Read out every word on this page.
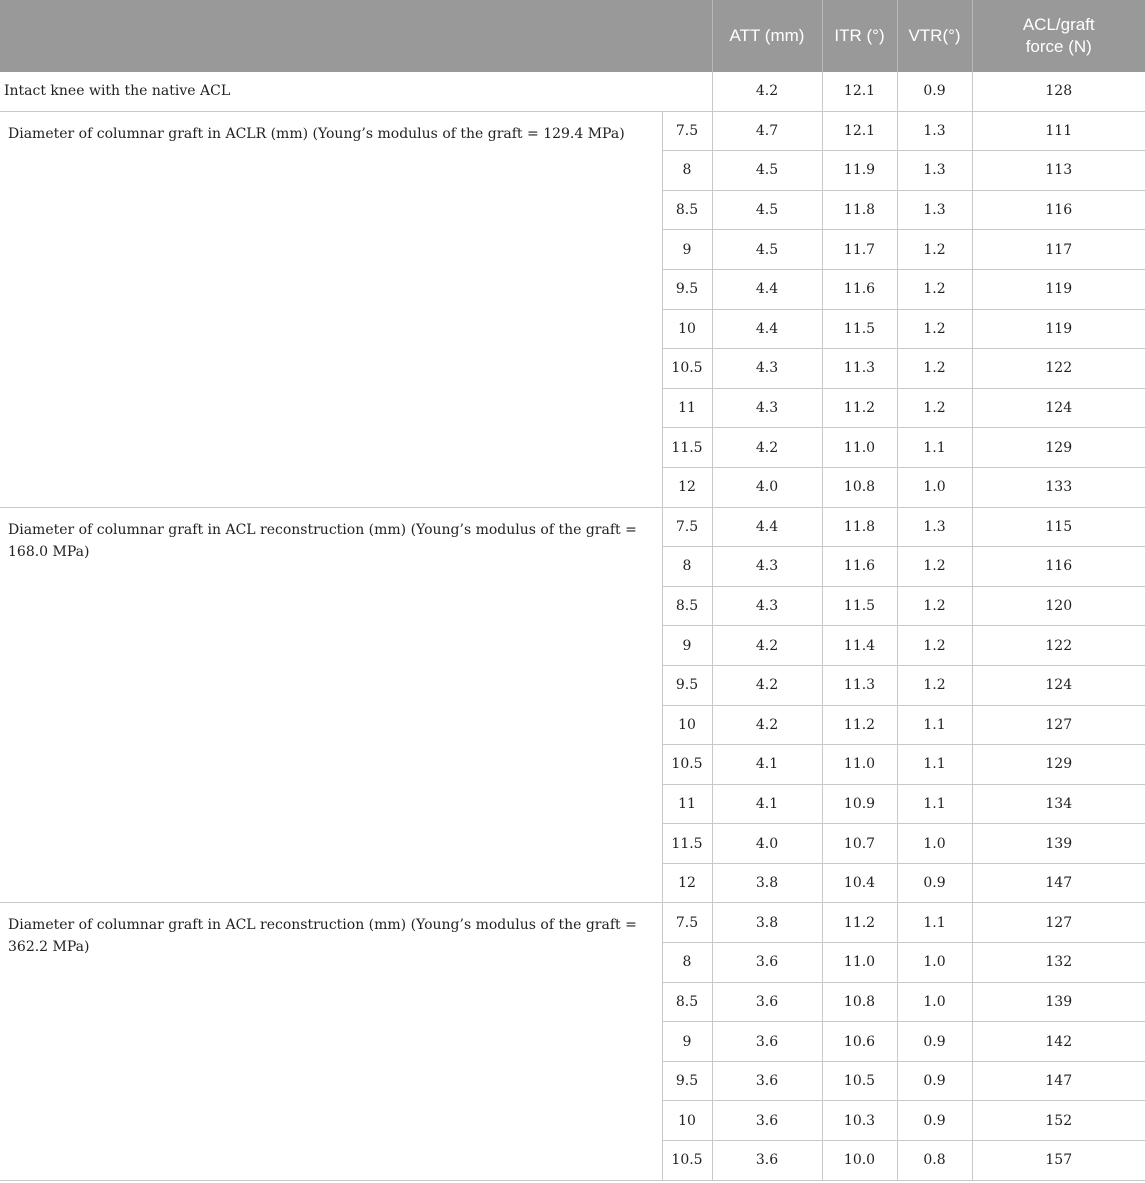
		ATT (mm)	ITR (°)	VTR(°)	ACL/graft
force (N)
Intact knee with the native ACL		4.2	12.1	0.9	128
Diameter of columnar graft in ACLR (mm) (Young’s modulus of the graft = 129.4 MPa)	7.5	4.7	12.1	1.3	111
	8	4.5	11.9	1.3	113
	8.5	4.5	11.8	1.3	116
	9	4.5	11.7	1.2	117
	9.5	4.4	11.6	1.2	119
	10	4.4	11.5	1.2	119
	10.5	4.3	11.3	1.2	122
	11	4.3	11.2	1.2	124
	11.5	4.2	11.0	1.1	129
	12	4.0	10.8	1.0	133
Diameter of columnar graft in ACL reconstruction (mm) (Young’s modulus of the graft = 168.0 MPa)	7.5	4.4	11.8	1.3	115
	8	4.3	11.6	1.2	116
	8.5	4.3	11.5	1.2	120
	9	4.2	11.4	1.2	122
	9.5	4.2	11.3	1.2	124
	10	4.2	11.2	1.1	127
	10.5	4.1	11.0	1.1	129
	11	4.1	10.9	1.1	134
	11.5	4.0	10.7	1.0	139
	12	3.8	10.4	0.9	147
Diameter of columnar graft in ACL reconstruction (mm) (Young’s modulus of the graft = 362.2 MPa)	7.5	3.8	11.2	1.1	127
	8	3.6	11.0	1.0	132
	8.5	3.6	10.8	1.0	139
	9	3.6	10.6	0.9	142
	9.5	3.6	10.5	0.9	147
	10	3.6	10.3	0.9	152
	10.5	3.6	10.0	0.8	157
